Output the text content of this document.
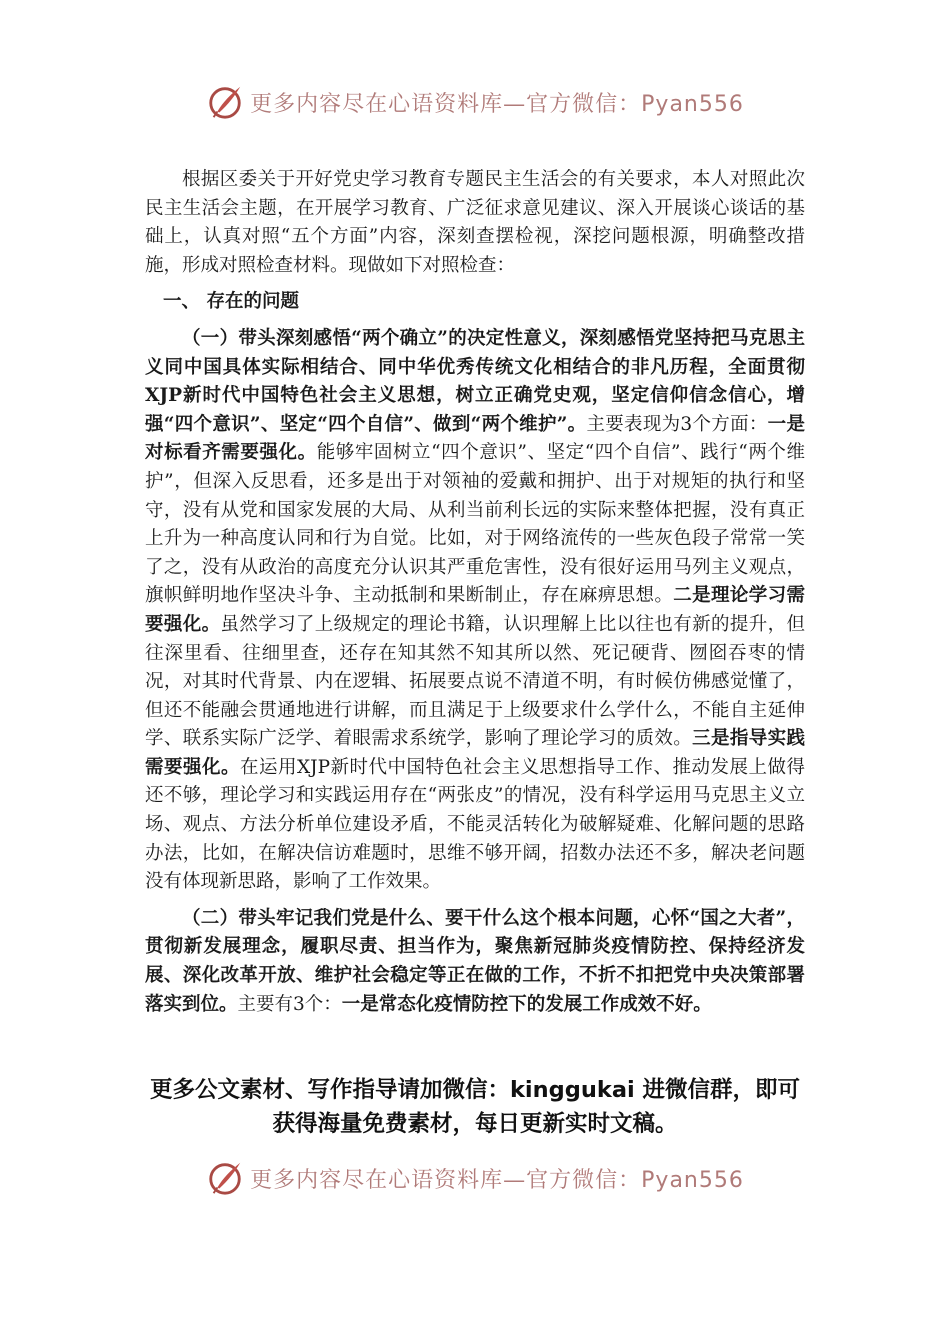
更多内容尽在心语资料库—官方微信：Pyan556

根据区委关于开好党史学习教育专题民主生活会的有关要求，本人对照此次民主生活会主题，在开展学习教育、广泛征求意见建议、深入开展谈心谈话的基础上，认真对照“五个方面”内容，深刻查摆检视，深挖问题根源，明确整改措施，形成对照检查材料。现做如下对照检查：

一、 存在的问题

（一）带头深刻感悟“两个确立”的决定性意义，深刻感悟党坚持把马克思主义同中国具体实际相结合、同中华优秀传统文化相结合的非凡历程，全面贯彻XJP新时代中国特色社会主义思想，树立正确党史观，坚定信仰信念信心，增强“四个意识”、坚定“四个自信”、做到“两个维护”。主要表现为3个方面：一是对标看齐需要强化。能够牢固树立“四个意识”、坚定“四个自信”、践行“两个维护”，但深入反思看，还多是出于对领袖的爱戴和拥护、出于对规矩的执行和坚守，没有从党和国家发展的大局、从利当前利长远的实际来整体把握，没有真正上升为一种高度认同和行为自觉。比如，对于网络流传的一些灰色段子常常一笑了之，没有从政治的高度充分认识其严重危害性，没有很好运用马列主义观点，旗帜鲜明地作坚决斗争、主动抵制和果断制止，存在麻痹思想。二是理论学习需要强化。虽然学习了上级规定的理论书籍，认识理解上比以往也有新的提升，但往深里看、往细里查，还存在知其然不知其所以然、死记硬背、囫囵吞枣的情况，对其时代背景、内在逻辑、拓展要点说不清道不明，有时候仿佛感觉懂了，但还不能融会贯通地进行讲解，而且满足于上级要求什么学什么，不能自主延伸学、联系实际广泛学、着眼需求系统学，影响了理论学习的质效。三是指导实践需要强化。在运用XJP新时代中国特色社会主义思想指导工作、推动发展上做得还不够，理论学习和实践运用存在“两张皮”的情况，没有科学运用马克思主义立场、观点、方法分析单位建设矛盾，不能灵活转化为破解疑难、化解问题的思路办法，比如，在解决信访难题时，思维不够开阔，招数办法还不多，解决老问题没有体现新思路，影响了工作效果。

（二）带头牢记我们党是什么、要干什么这个根本问题，心怀“国之大者”，贯彻新发展理念，履职尽责、担当作为，聚焦新冠肺炎疫情防控、保持经济发展、深化改革开放、维护社会稳定等正在做的工作，不折不扣把党中央决策部署落实到位。主要有3个：一是常态化疫情防控下的发展工作成效不好。

更多公文素材、写作指导请加微信：kinggukai 进微信群，即可
获得海量免费素材，每日更新实时文稿。
更多内容尽在心语资料库—官方微信：Pyan556
